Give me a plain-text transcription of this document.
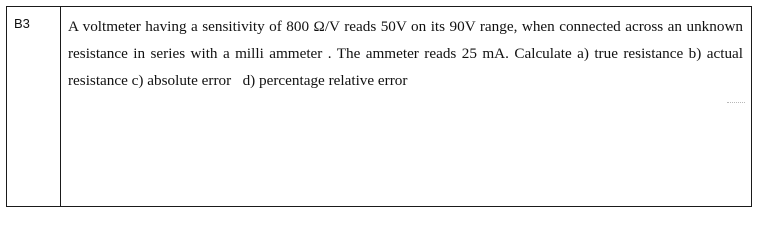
B3	A voltmeter having a sensitivity of 800 Ω/V reads 50V on its 90V range, when connected across an unknown resistance in series with a milli ammeter . The ammeter reads 25 mA. Calculate a) true resistance b) actual resistance c) absolute error d) percentage relative error
